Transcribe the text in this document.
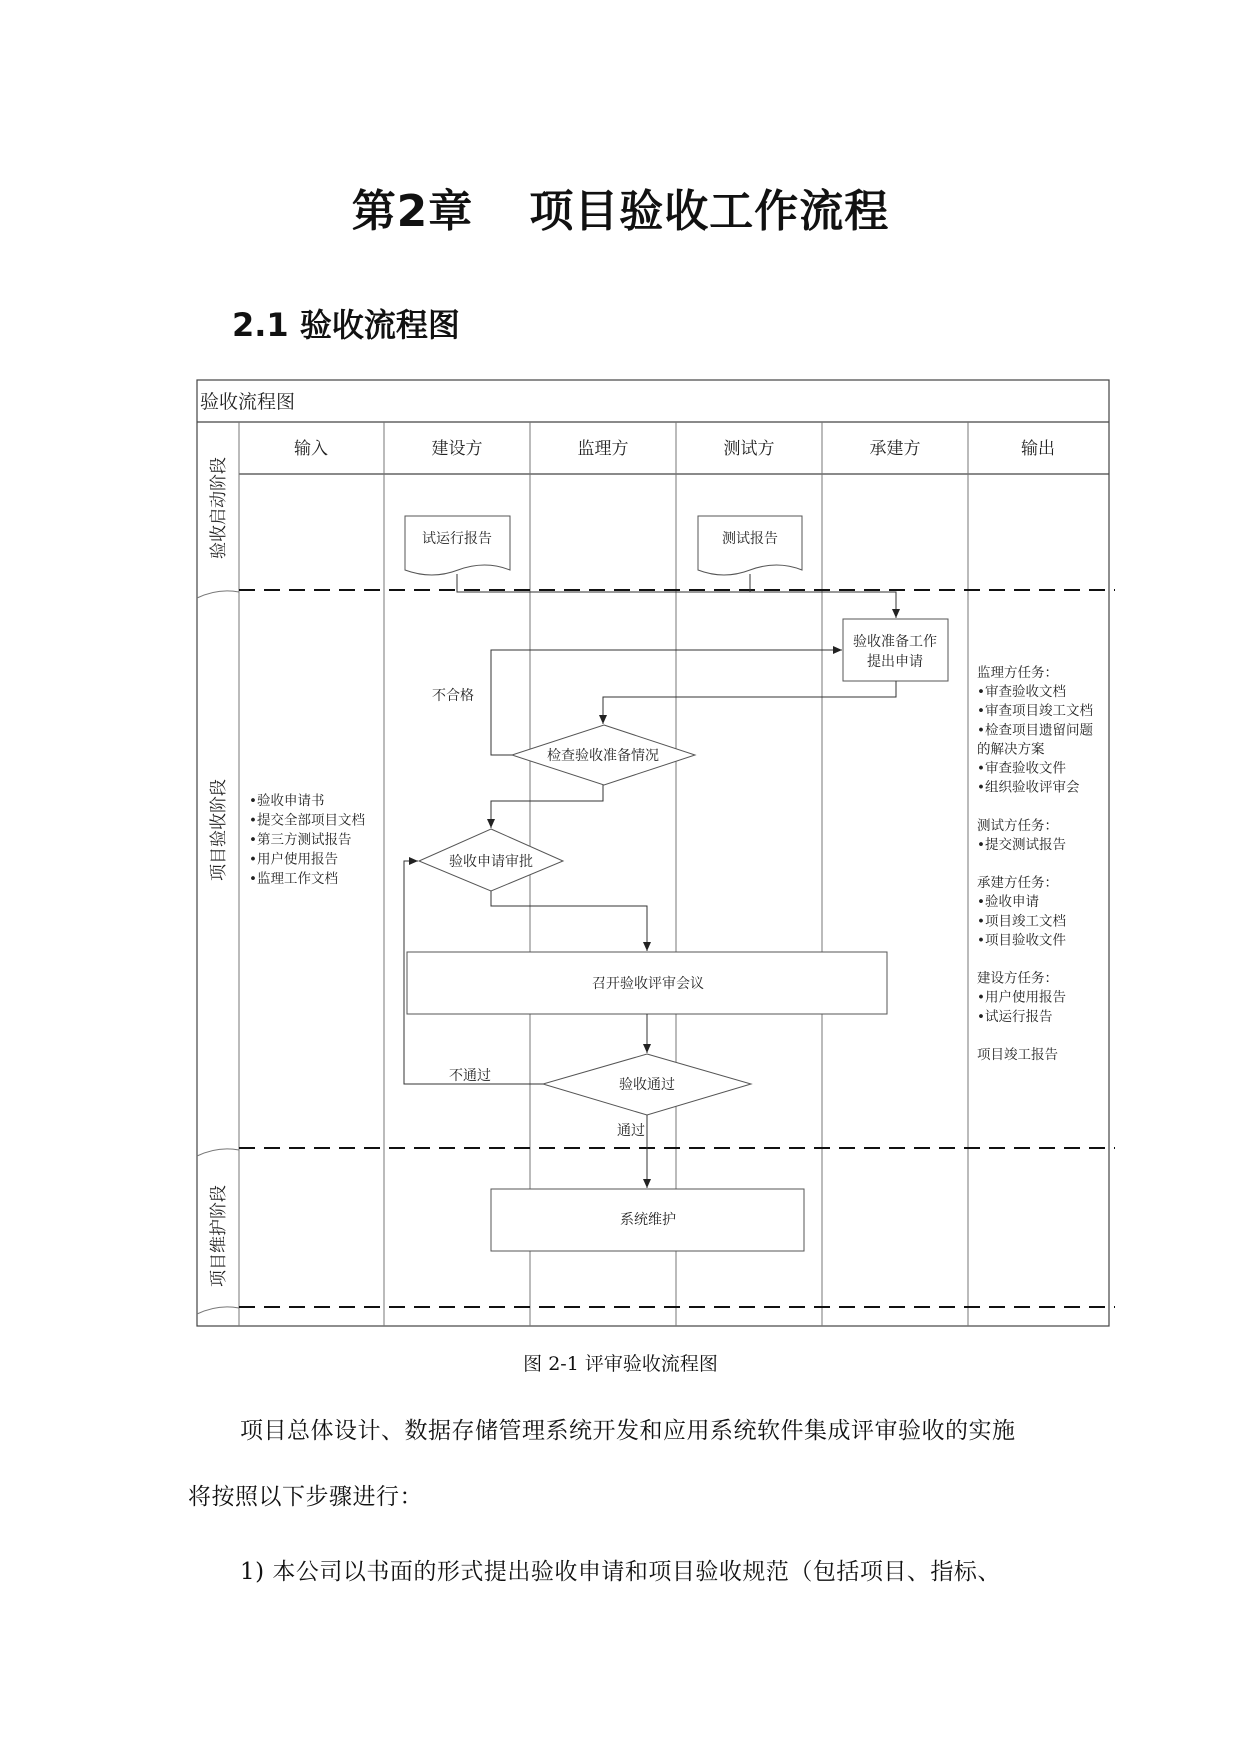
第2章 项目验收工作流程
2.1 验收流程图
验收流程图
输入	建设方	监理方	测试方	承建方	输出
验收启动阶段
项目验收阶段
项目维护阶段
试运行报告	测试报告
验收准备工作
提出申请
检查验收准备情况
验收申请审批
召开验收评审会议
验收通过
系统维护
不合格
不通过
通过
•验收申请书
•提交全部项目文档
•第三方测试报告
•用户使用报告
•监理工作文档
监理方任务：
•审查验收文档
•审查项目竣工文档
•检查项目遗留问题
的解决方案
•审查验收文件
•组织验收评审会
测试方任务：
•提交测试报告
承建方任务：
•验收申请
•项目竣工文档
•项目验收文件
建设方任务：
•用户使用报告
•试运行报告
项目竣工报告
图 2-1 评审验收流程图
项目总体设计、数据存储管理系统开发和应用系统软件集成评审验收的实施
将按照以下步骤进行：
1) 本公司以书面的形式提出验收申请和项目验收规范（包括项目、指标、
